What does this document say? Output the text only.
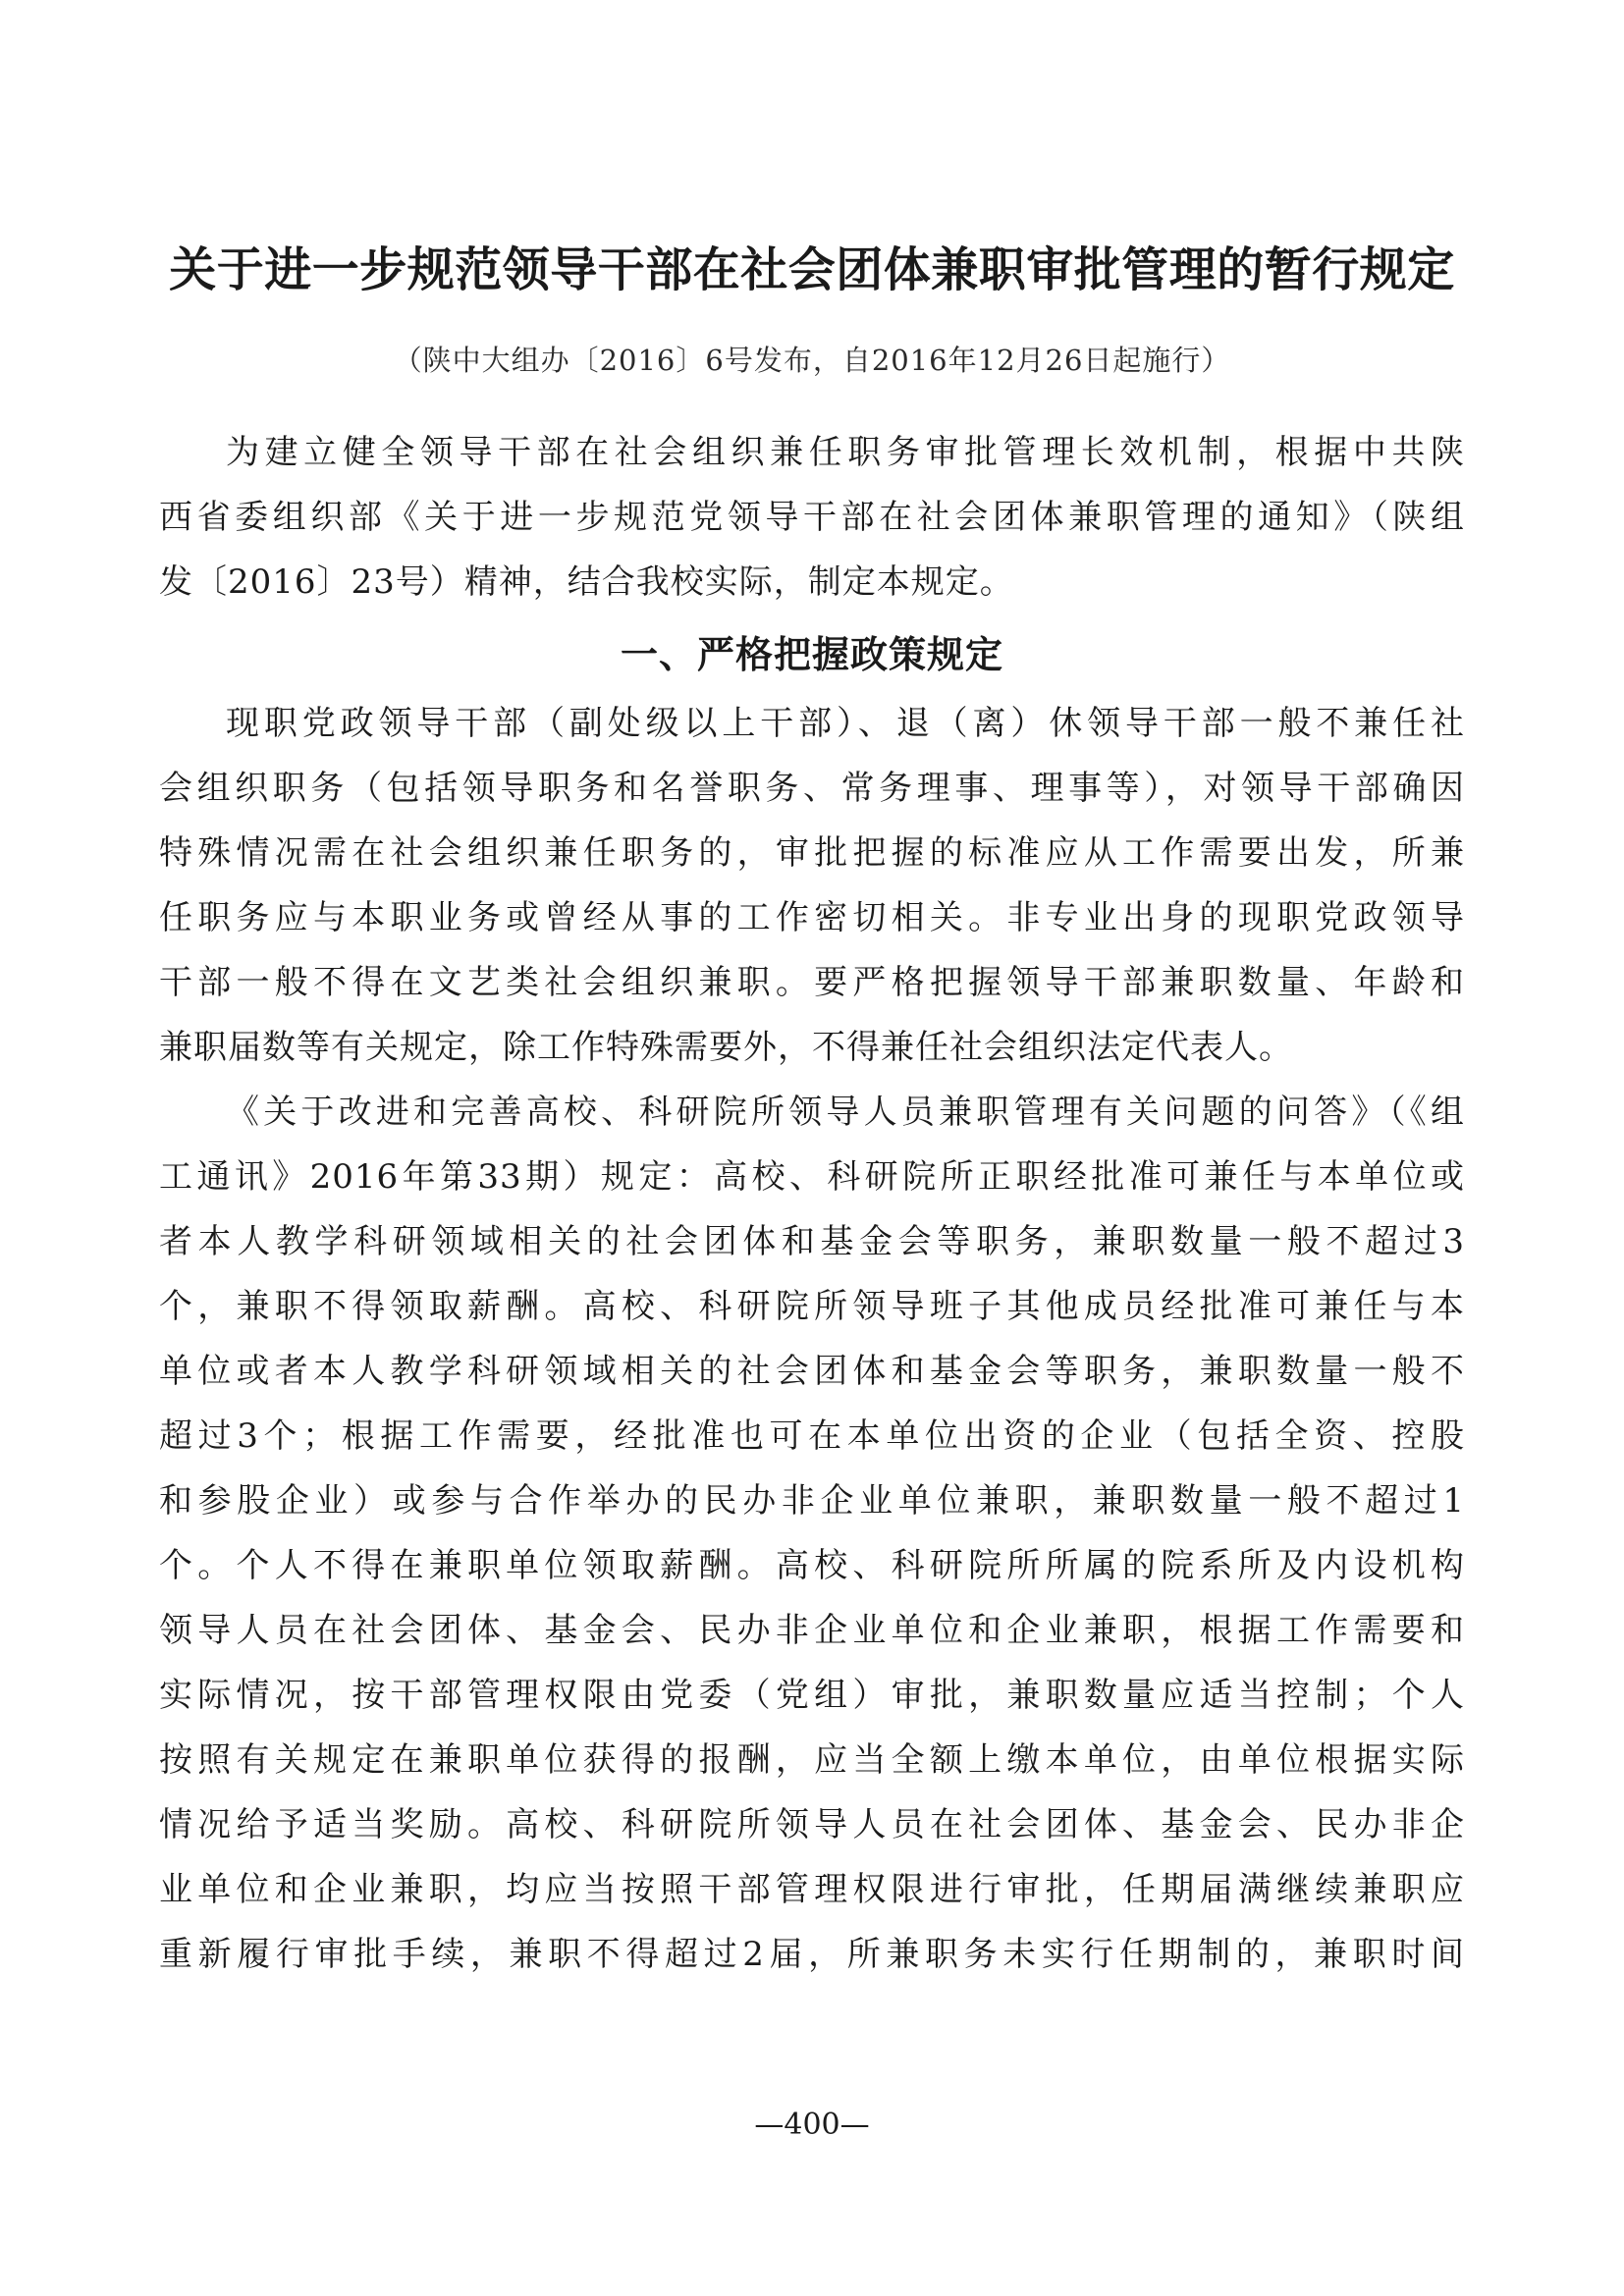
关于进一步规范领导干部在社会团体兼职审批管理的暂行规定
（陕中大组办〔2016〕6号发布，自2016年12月26日起施行）

为建立健全领导干部在社会组织兼任职务审批管理长效机制，根据中共陕
西省委组织部《关于进一步规范党领导干部在社会团体兼职管理的通知》（陕组
发〔2016〕23号）精神，结合我校实际，制定本规定。

一、严格把握政策规定

现职党政领导干部（副处级以上干部）、退（离）休领导干部一般不兼任社
会组织职务（包括领导职务和名誉职务、常务理事、理事等），对领导干部确因
特殊情况需在社会组织兼任职务的，审批把握的标准应从工作需要出发，所兼
任职务应与本职业务或曾经从事的工作密切相关。非专业出身的现职党政领导
干部一般不得在文艺类社会组织兼职。要严格把握领导干部兼职数量、年龄和
兼职届数等有关规定，除工作特殊需要外，不得兼任社会组织法定代表人。

《关于改进和完善高校、科研院所领导人员兼职管理有关问题的问答》（《组
工通讯》2016年第33期）规定：高校、科研院所正职经批准可兼任与本单位或
者本人教学科研领域相关的社会团体和基金会等职务，兼职数量一般不超过3
个，兼职不得领取薪酬。高校、科研院所领导班子其他成员经批准可兼任与本
单位或者本人教学科研领域相关的社会团体和基金会等职务，兼职数量一般不
超过3个；根据工作需要，经批准也可在本单位出资的企业（包括全资、控股
和参股企业）或参与合作举办的民办非企业单位兼职，兼职数量一般不超过1
个。个人不得在兼职单位领取薪酬。高校、科研院所所属的院系所及内设机构
领导人员在社会团体、基金会、民办非企业单位和企业兼职，根据工作需要和
实际情况，按干部管理权限由党委（党组）审批，兼职数量应适当控制；个人
按照有关规定在兼职单位获得的报酬，应当全额上缴本单位，由单位根据实际
情况给予适当奖励。高校、科研院所领导人员在社会团体、基金会、民办非企
业单位和企业兼职，均应当按照干部管理权限进行审批，任期届满继续兼职应
重新履行审批手续，兼职不得超过2届，所兼职务未实行任期制的，兼职时间

—400—
